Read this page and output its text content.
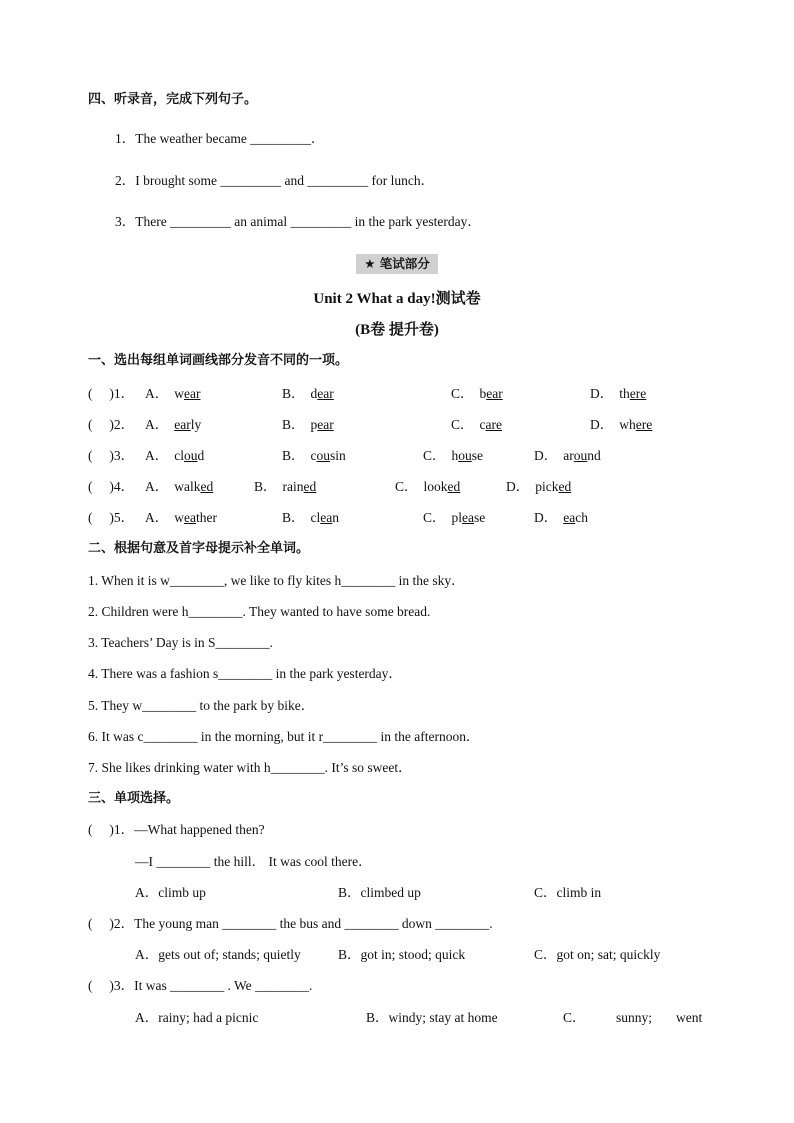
四、听录音，完成下列句子。
1．The weather became _________．
2．I brought some _________ and _________ for lunch．
3．There _________ an animal _________ in the park yesterday．
★ 笔试部分
Unit 2 What a day!测试卷
(B卷 提升卷)
一、选出每组单词画线部分发音不同的一项。
(　 )1． A． wear	B． dear	C． bear	D． there
(　 )2． A． early	B． pear	C． care	D． where
(　 )3． A． cloud	B． cousin	C． house	D． around
(　 )4． A． walked	B． rained	C． looked	D． picked
(　 )5． A． weather	B． clean	C． please	D． each
二、根据句意及首字母提示补全单词。
1. When it is w________, we like to fly kites h________ in the sky．
2. Children were h________. They wanted to have some bread.
3. Teachers’ Day is in S________.
4. There was a fashion s________ in the park yesterday．
5. They w________ to the park by bike．
6. It was c________ in the morning, but it r________ in the afternoon．
7. She likes drinking water with h________. It’s so sweet．
三、单项选择。
(　 )1．—What happened then?
—I ________ the hill． It was cool there．
A．climb up	B．climbed up	C．climb in
(　 )2．The young man ________ the bus and ________ down ________.
A．gets out of; stands; quietly	B．got in; stood; quick	C．got on; sat; quickly
(　 )3．It was ________ . We ________.
A．rainy; had a picnic	B．windy; stay at home	C． sunny; went
